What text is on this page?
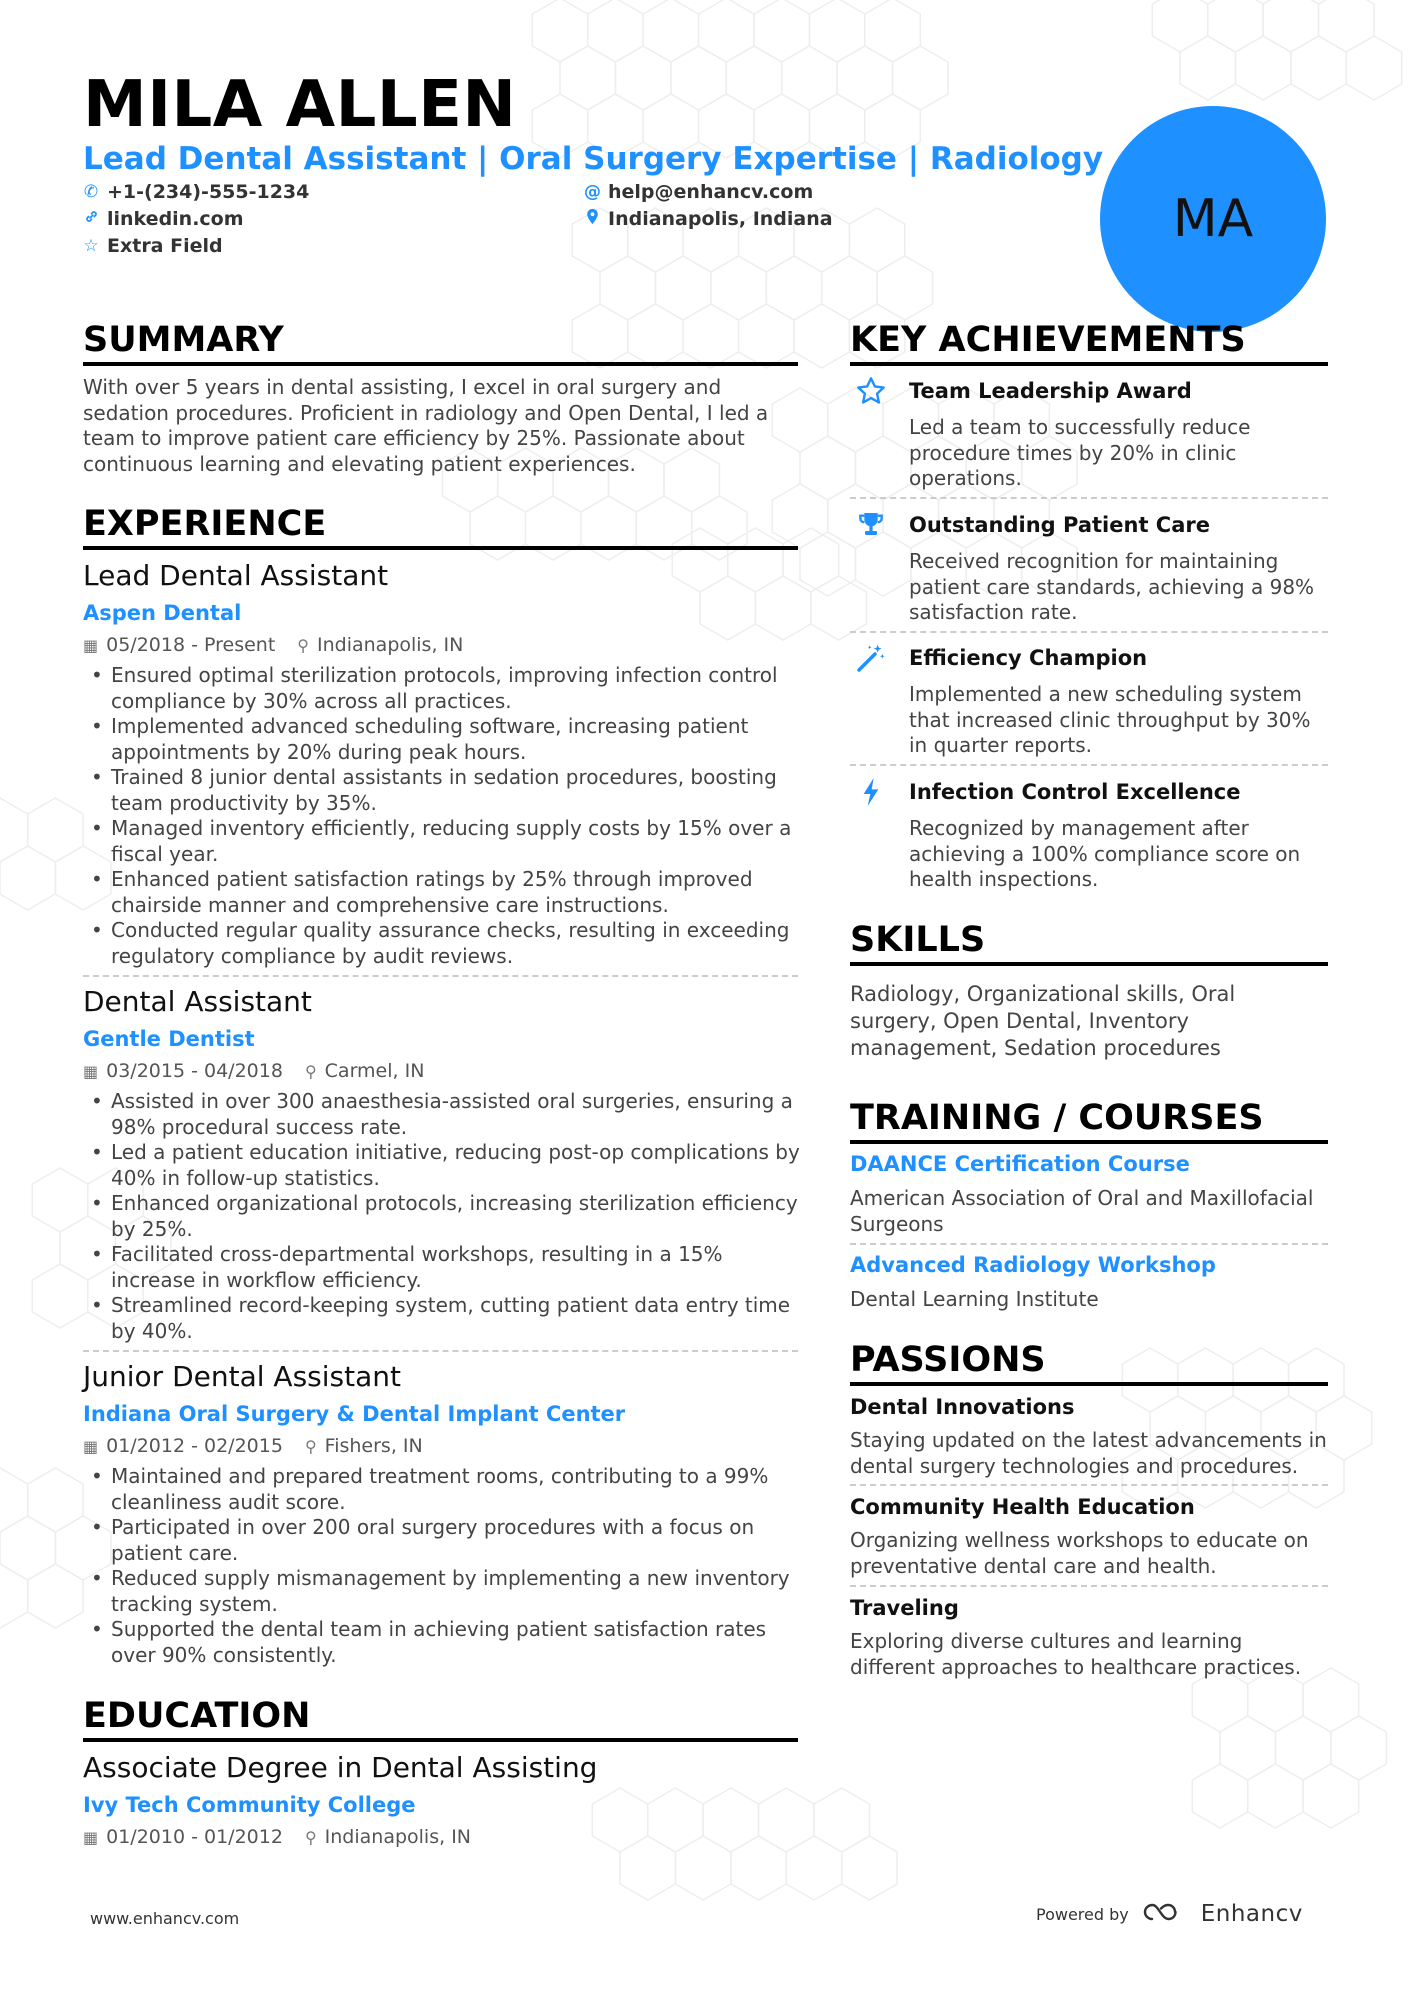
MILA ALLEN
Lead Dental Assistant | Oral Surgery Expertise | Radiology
✆ +1-(234)-555-1234	@ help@enhancv.com
linkedin.com	Indianapolis, Indiana
☆ Extra Field	MA
SUMMARY
With over 5 years in dental assisting, I excel in oral surgery and sedation procedures. Proficient in radiology and Open Dental, I led a team to improve patient care efficiency by 25%. Passionate about continuous learning and elevating patient experiences.
EXPERIENCE
Lead Dental Assistant
Aspen Dental
▦ 05/2018 - Present ⚲ Indianapolis, IN
• Ensured optimal sterilization protocols, improving infection control compliance by 30% across all practices.
• Implemented advanced scheduling software, increasing patient appointments by 20% during peak hours.
• Trained 8 junior dental assistants in sedation procedures, boosting team productivity by 35%.
• Managed inventory efficiently, reducing supply costs by 15% over a fiscal year.
• Enhanced patient satisfaction ratings by 25% through improved chairside manner and comprehensive care instructions.
• Conducted regular quality assurance checks, resulting in exceeding regulatory compliance by audit reviews.
Dental Assistant
Gentle Dentist
▦ 03/2015 - 04/2018 ⚲ Carmel, IN
• Assisted in over 300 anaesthesia-assisted oral surgeries, ensuring a 98% procedural success rate.
• Led a patient education initiative, reducing post-op complications by 40% in follow-up statistics.
• Enhanced organizational protocols, increasing sterilization efficiency by 25%.
• Facilitated cross-departmental workshops, resulting in a 15% increase in workflow efficiency.
• Streamlined record-keeping system, cutting patient data entry time by 40%.
Junior Dental Assistant
Indiana Oral Surgery & Dental Implant Center
▦ 01/2012 - 02/2015 ⚲ Fishers, IN
• Maintained and prepared treatment rooms, contributing to a 99% cleanliness audit score.
• Participated in over 200 oral surgery procedures with a focus on patient care.
• Reduced supply mismanagement by implementing a new inventory tracking system.
• Supported the dental team in achieving patient satisfaction rates over 90% consistently.
EDUCATION
Associate Degree in Dental Assisting
Ivy Tech Community College
▦ 01/2010 - 01/2012 ⚲ Indianapolis, IN
KEY ACHIEVEMENTS
Team Leadership Award
Led a team to successfully reduce procedure times by 20% in clinic operations.
Outstanding Patient Care
Received recognition for maintaining patient care standards, achieving a 98% satisfaction rate.
Efficiency Champion
Implemented a new scheduling system that increased clinic throughput by 30% in quarter reports.
Infection Control Excellence
Recognized by management after achieving a 100% compliance score on health inspections.
SKILLS
Radiology, Organizational skills, Oral surgery, Open Dental, Inventory management, Sedation procedures
TRAINING / COURSES
DAANCE Certification Course
American Association of Oral and Maxillofacial Surgeons
Advanced Radiology Workshop
Dental Learning Institute
PASSIONS
Dental Innovations
Staying updated on the latest advancements in dental surgery technologies and procedures.
Community Health Education
Organizing wellness workshops to educate on preventative dental care and health.
Traveling
Exploring diverse cultures and learning different approaches to healthcare practices.
www.enhancv.com	Powered by	Enhancv
